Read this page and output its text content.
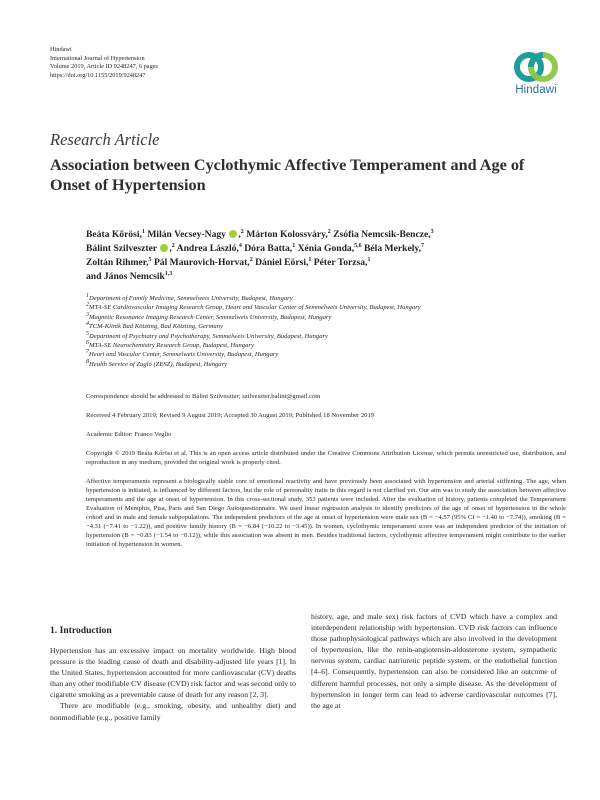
Hindawi
International Journal of Hypertension
Volume 2019, Article ID 9248247, 6 pages
https://doi.org/10.1155/2019/9248247
Hindawi
Research Article
Association between Cyclothymic Affective Temperament and Age of Onset of Hypertension
Beáta Kőrösi,$^1$ Milán Vecsey-Nagy ,$^2$ Márton Kolossváry,$^2$ Zsófia Nemcsik-Bencze,$^3$
Bálint Szilveszter ,$^2$ Andrea László,$^4$ Dóra Batta,$^1$ Xénia Gonda,$^{5,6}$ Béla Merkely,$^7$
Zoltán Rihmer,$^5$ Pál Maurovich-Horvat,$^2$ Dániel Eörsi,$^1$ Péter Torzsa,$^1$
and János Nemcsik$^{1,3}$
$^1$Department of Family Medicine, Semmelweis University, Budapest, Hungary
$^2$MTA-SE Cardiovascular Imaging Research Group, Heart and Vascular Center of Semmelweis University, Budapest, Hungary
$^3$Magnetic Resonance Imaging Research Center, Semmelweis University, Budapest, Hungary
$^4$TCM-Klinik Bad Kötzting, Bad Kötzting, Germany
$^5$Department of Psychiatry and Psychotherapy, Semmelweis University, Budapest, Hungary
$^6$MTA-SE Neurochemistry Research Group, Budapest, Hungary
$^7$Heart and Vascular Center, Semmelweis University, Budapest, Hungary
$^8$Health Service of Zugló (ZESZ), Budapest, Hungary
Correspondence should be addressed to Bálint Szilveszter; szilveszter.balint@gmail.com
Received 4 February 2019; Revised 9 August 2019; Accepted 30 August 2019; Published 18 November 2019
Academic Editor: Franco Veglio
Copyright © 2019 Beáta Kőrösi et al. This is an open access article distributed under the Creative Commons Attribution License, which permits unrestricted use, distribution, and reproduction in any medium, provided the original work is properly cited.
Affective temperaments represent a biologically stable core of emotional reactivity and have previously been associated with hypertension and arterial stiffening. The age, when hypertension is initiated, is influenced by different factors, but the role of personality traits in this regard is not clarified yet. Our aim was to study the association between affective temperaments and the age at onset of hypertension. In this cross-sectional study, 353 patients were included. After the evaluation of history, patients completed the Temperament Evaluation of Memphis, Pisa, Paris and San Diego Autoquestionnaire. We used linear regression analysis to identify predictors of the age of onset of hypertension in the whole cohort and in male and female subpopulations. The independent predictors of the age at onset of hypertension were male sex (B = −4.57 (95% CI = −1.40 to −7.74)), smoking (B = −4.31 (−7.41 to −1.22)), and positive family history (B = −6.84 (−10.22 to −3.45)). In women, cyclothymic temperament score was an independent predictor of the initiation of hypertension (B = −0.83 (−1.54 to −0.12)), while this association was absent in men. Besides traditional factors, cyclothymic affective temperament might contribute to the earlier initiation of hypertension in women.
1. Introduction

Hypertension has an excessive impact on mortality worldwide. High blood pressure is the leading cause of death and disability-adjusted life years [1]. In the United States, hypertension accounted for more cardiovascular (CV) deaths than any other modifiable CV disease (CVD) risk factor and was second only to cigarette smoking as a preventable cause of death for any reason [2, 3].

There are modifiable (e.g., smoking, obesity, and unhealthy diet) and nonmodifiable (e.g., positive family

history, age, and male sex) risk factors of CVD which have a complex and interdependent relationship with hypertension. CVD risk factors can influence those pathophysiological pathways which are also involved in the development of hypertension, like the renin-angiotensin-aldosterone system, sympathetic nervous system, cardiac natriuretic peptide system, or the endothelial function [4–6]. Consequently, hypertension can also be considered like an outcome of different harmful processes, not only a simple disease. As the development of hypertension in longer term can lead to adverse cardiovascular outcomes [7], the age at
